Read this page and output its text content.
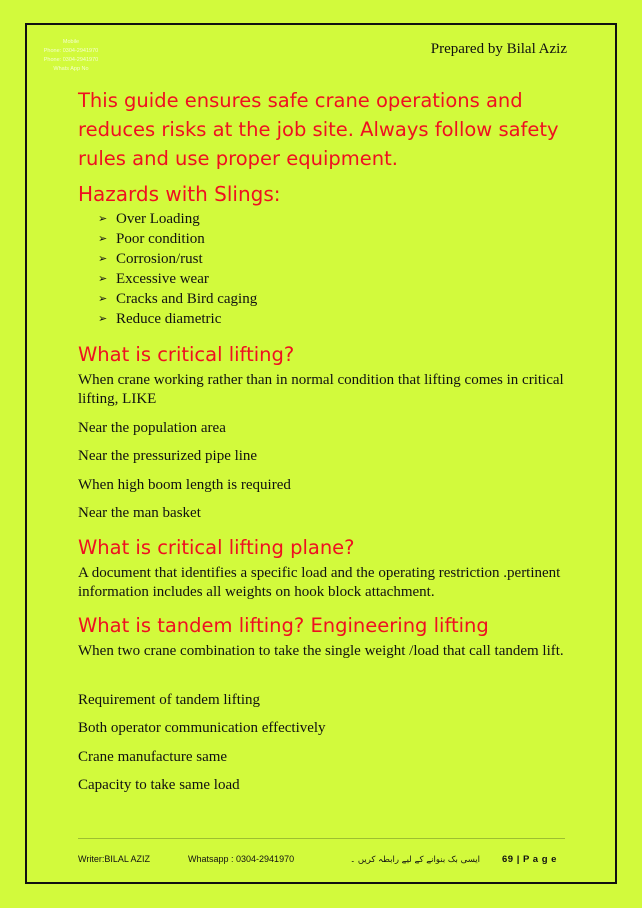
Mobile
Phone: 0304-2941970
Phone: 0304-2941970
Whats App No
Prepared by Bilal Aziz

This guide ensures safe crane operations and reduces risks at the job site. Always follow safety rules and use proper equipment.

Hazards with Slings:
➢ Over Loading
➢ Poor condition
➢ Corrosion/rust
➢ Excessive wear
➢ Cracks and Bird caging
➢ Reduce diametric
What is critical lifting?

When crane working rather than in normal condition that lifting comes in critical lifting, LIKE

Near the population area

Near the pressurized pipe line

When high boom length is required

Near the man basket

What is critical lifting plane?

A document that identifies a specific load and the operating restriction .pertinent information includes all weights on hook block attachment.

What is tandem lifting? Engineering lifting

When two crane combination to take the single weight /load that call tandem lift.

Requirement of tandem lifting

Both operator communication effectively

Crane manufacture same

Capacity to take same load

Writer:BILAL AZIZ	Whatsapp : 0304-2941970	ایسی بک بنوانے کے لیے رابطہ کریں ۔ 69 | P a g e
